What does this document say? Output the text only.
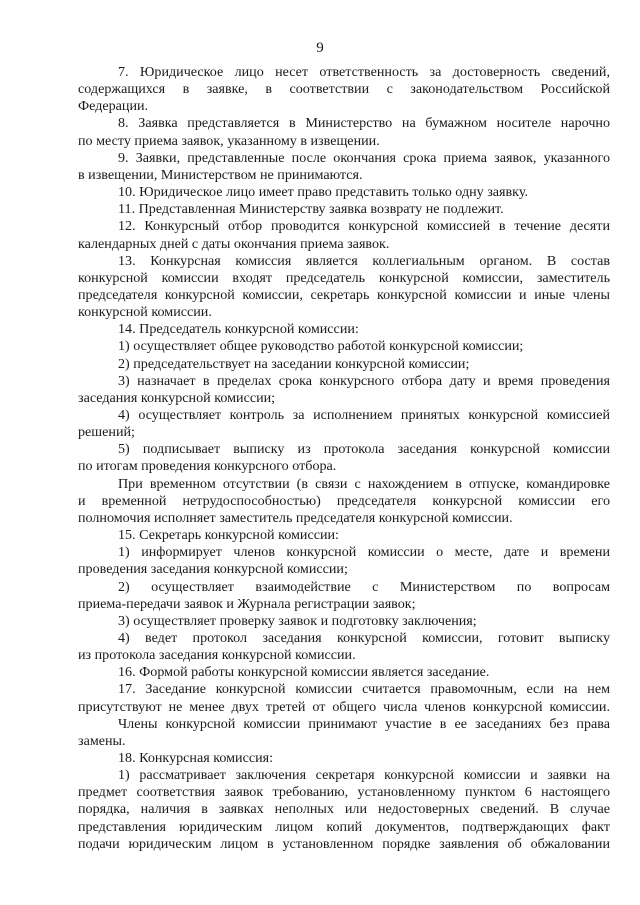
9
7. Юридическое лицо несет ответственность за достоверность сведений,
содержащихся в заявке, в соответствии с законодательством Российской
Федерации.
8. Заявка представляется в Министерство на бумажном носителе нарочно
по месту приема заявок, указанному в извещении.
9. Заявки, представленные после окончания срока приема заявок, указанного
в извещении, Министерством не принимаются.
10. Юридическое лицо имеет право представить только одну заявку.
11. Представленная Министерству заявка возврату не подлежит.
12. Конкурсный отбор проводится конкурсной комиссией в течение десяти
календарных дней с даты окончания приема заявок.
13. Конкурсная комиссия является коллегиальным органом. В состав
конкурсной комиссии входят председатель конкурсной комиссии, заместитель
председателя конкурсной комиссии, секретарь конкурсной комиссии и иные члены
конкурсной комиссии.
14. Председатель конкурсной комиссии:
1) осуществляет общее руководство работой конкурсной комиссии;
2) председательствует на заседании конкурсной комиссии;
3) назначает в пределах срока конкурсного отбора дату и время проведения
заседания конкурсной комиссии;
4) осуществляет контроль за исполнением принятых конкурсной комиссией
решений;
5) подписывает выписку из протокола заседания конкурсной комиссии
по итогам проведения конкурсного отбора.
При временном отсутствии (в связи с нахождением в отпуске, командировке
и временной нетрудоспособностью) председателя конкурсной комиссии его
полномочия исполняет заместитель председателя конкурсной комиссии.
15. Секретарь конкурсной комиссии:
1) информирует членов конкурсной комиссии о месте, дате и времени
проведения заседания конкурсной комиссии;
2) осуществляет взаимодействие с Министерством по вопросам
приема-передачи заявок и Журнала регистрации заявок;
3) осуществляет проверку заявок и подготовку заключения;
4) ведет протокол заседания конкурсной комиссии, готовит выписку
из протокола заседания конкурсной комиссии.
16. Формой работы конкурсной комиссии является заседание.
17. Заседание конкурсной комиссии считается правомочным, если на нем
присутствуют не менее двух третей от общего числа членов конкурсной комиссии.
Члены конкурсной комиссии принимают участие в ее заседаниях без права
замены.
18. Конкурсная комиссия:
1) рассматривает заключения секретаря конкурсной комиссии и заявки на
предмет соответствия заявок требованию, установленному пунктом 6 настоящего
порядка, наличия в заявках неполных или недостоверных сведений. В случае
представления юридическим лицом копий документов, подтверждающих факт
подачи юридическим лицом в установленном порядке заявления об обжаловании
